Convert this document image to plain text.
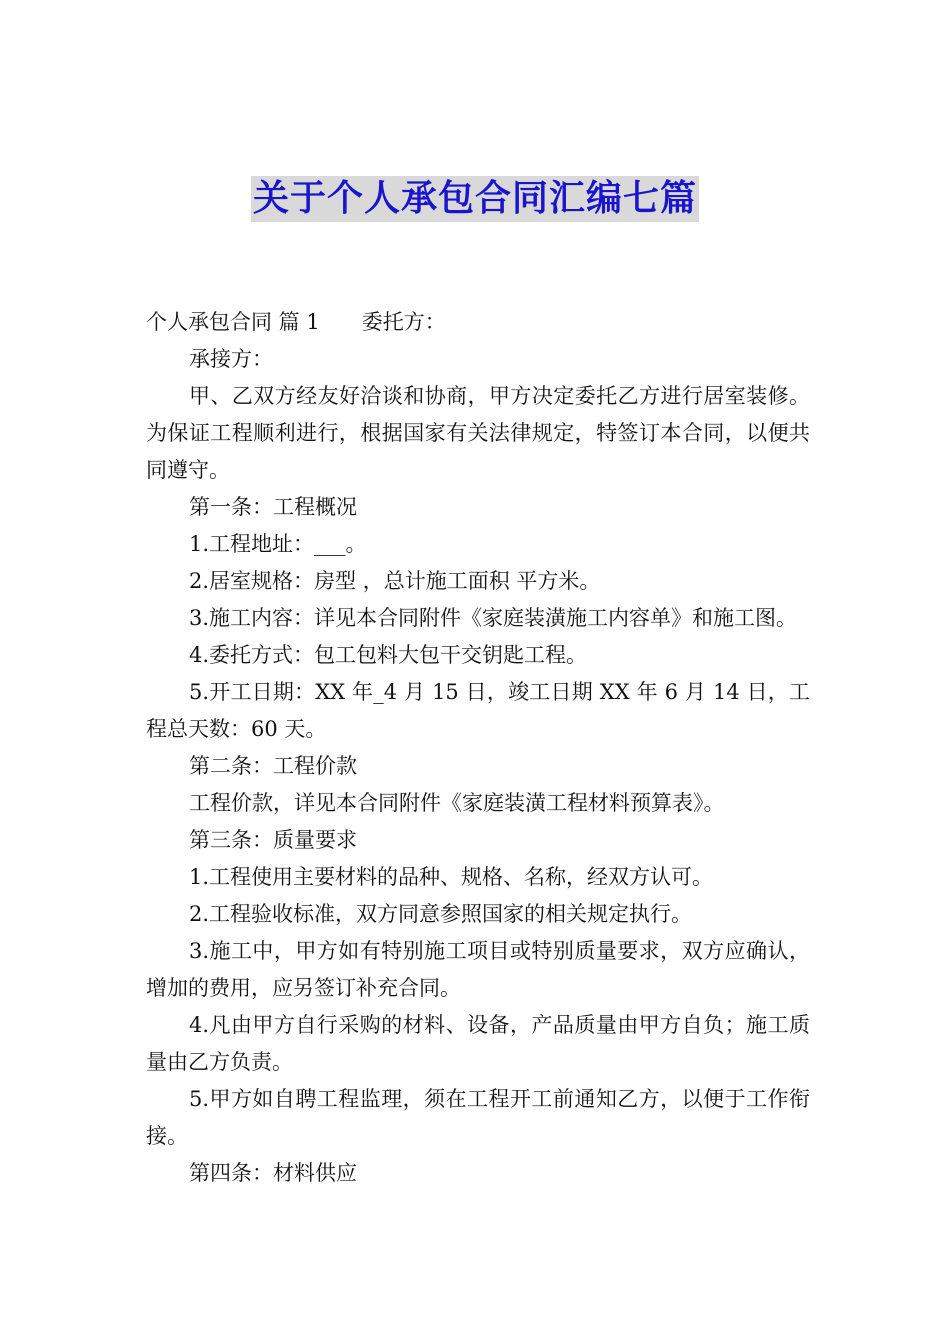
关于个人承包合同汇编七篇

个人承包合同 篇 1 委托方：

承接方：

甲、乙双方经友好洽谈和协商，甲方决定委托乙方进行居室装修。为保证工程顺利进行，根据国家有关法律规定，特签订本合同，以便共同遵守。

第一条：工程概况

1.工程地址：___。

2.居室规格：房型 ，总计施工面积 平方米。

3.施工内容：详见本合同附件《家庭装潢施工内容单》和施工图。

4.委托方式：包工包料大包干交钥匙工程。

5.开工日期：XX 年_4 月 15 日，竣工日期 XX 年 6 月 14 日，工程总天数：60 天。

第二条：工程价款

工程价款，详见本合同附件《家庭装潢工程材料预算表》。

第三条：质量要求

1.工程使用主要材料的品种、规格、名称，经双方认可。

2.工程验收标准，双方同意参照国家的相关规定执行。

3.施工中，甲方如有特别施工项目或特别质量要求，双方应确认，增加的费用，应另签订补充合同。

4.凡由甲方自行采购的材料、设备，产品质量由甲方自负；施工质量由乙方负责。

5.甲方如自聘工程监理，须在工程开工前通知乙方，以便于工作衔接。

第四条：材料供应
